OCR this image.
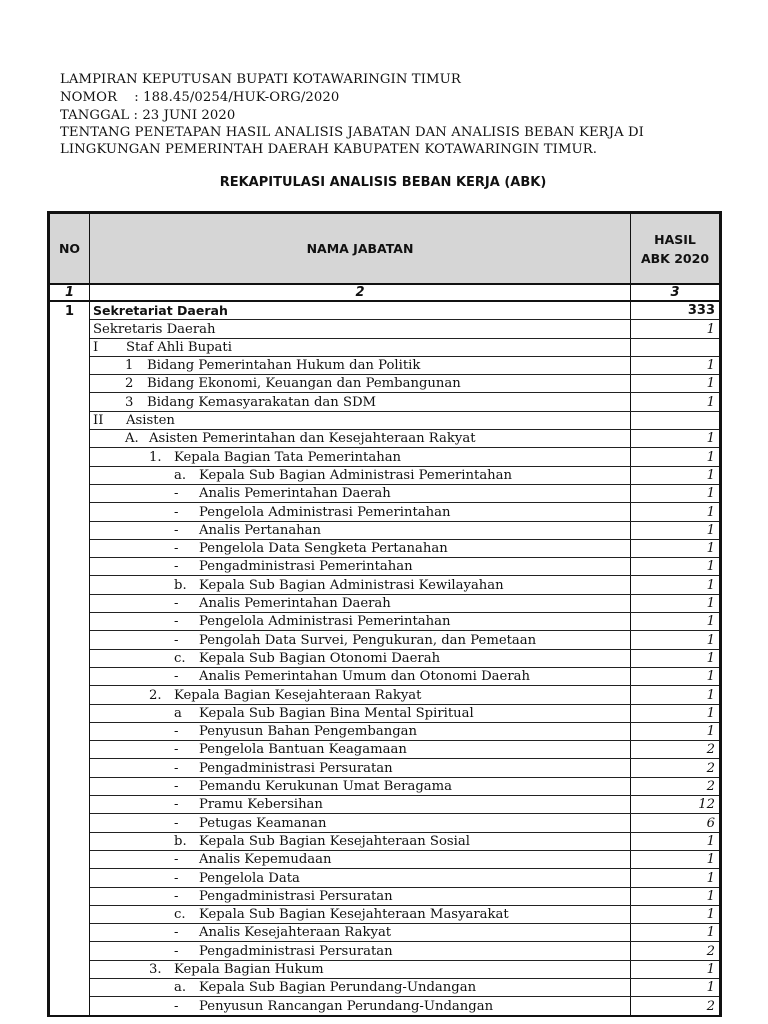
LAMPIRAN KEPUTUSAN BUPATI KOTAWARINGIN TIMUR
NOMOR    : 188.45/0254/HUK-ORG/2020
TANGGAL : 23 JUNI 2020
TENTANG PENETAPAN HASIL ANALISIS JABATAN DAN ANALISIS BEBAN KERJA DI
LINGKUNGAN PEMERINTAH DAERAH KABUPATEN KOTAWARINGIN TIMUR.
REKAPITULASI ANALISIS BEBAN KERJA (ABK)
NO	NAMA JABATAN	HASIL
ABK 2020
1	2	3
1	Sekretariat Daerah	333
	Sekretaris Daerah	1
	I Staf Ahli Bupati	
	1 Bidang Pemerintahan Hukum dan Politik	1
	2 Bidang Ekonomi, Keuangan dan Pembangunan	1
	3 Bidang Kemasyarakatan dan SDM	1
	II Asisten	
	A. Asisten Pemerintahan dan Kesejahteraan Rakyat	1
	1. Kepala Bagian Tata Pemerintahan	1
	a. Kepala Sub Bagian Administrasi Pemerintahan	1
	- Analis Pemerintahan Daerah	1
	- Pengelola Administrasi Pemerintahan	1
	- Analis Pertanahan	1
	- Pengelola Data Sengketa Pertanahan	1
	- Pengadministrasi Pemerintahan	1
	b. Kepala Sub Bagian Administrasi Kewilayahan	1
	- Analis Pemerintahan Daerah	1
	- Pengelola Administrasi Pemerintahan	1
	- Pengolah Data Survei, Pengukuran, dan Pemetaan	1
	c. Kepala Sub Bagian Otonomi Daerah	1
	- Analis Pemerintahan Umum dan Otonomi Daerah	1
	2. Kepala Bagian Kesejahteraan Rakyat	1
	a Kepala Sub Bagian Bina Mental Spiritual	1
	- Penyusun Bahan Pengembangan	1
	- Pengelola Bantuan Keagamaan	2
	- Pengadministrasi Persuratan	2
	- Pemandu Kerukunan Umat Beragama	2
	- Pramu Kebersihan	12
	- Petugas Keamanan	6
	b. Kepala Sub Bagian Kesejahteraan Sosial	1
	- Analis Kepemudaan	1
	- Pengelola Data	1
	- Pengadministrasi Persuratan	1
	c. Kepala Sub Bagian Kesejahteraan Masyarakat	1
	- Analis Kesejahteraan Rakyat	1
	- Pengadministrasi Persuratan	2
	3. Kepala Bagian Hukum	1
	a. Kepala Sub Bagian Perundang-Undangan	1
	- Penyusun Rancangan Perundang-Undangan	2
